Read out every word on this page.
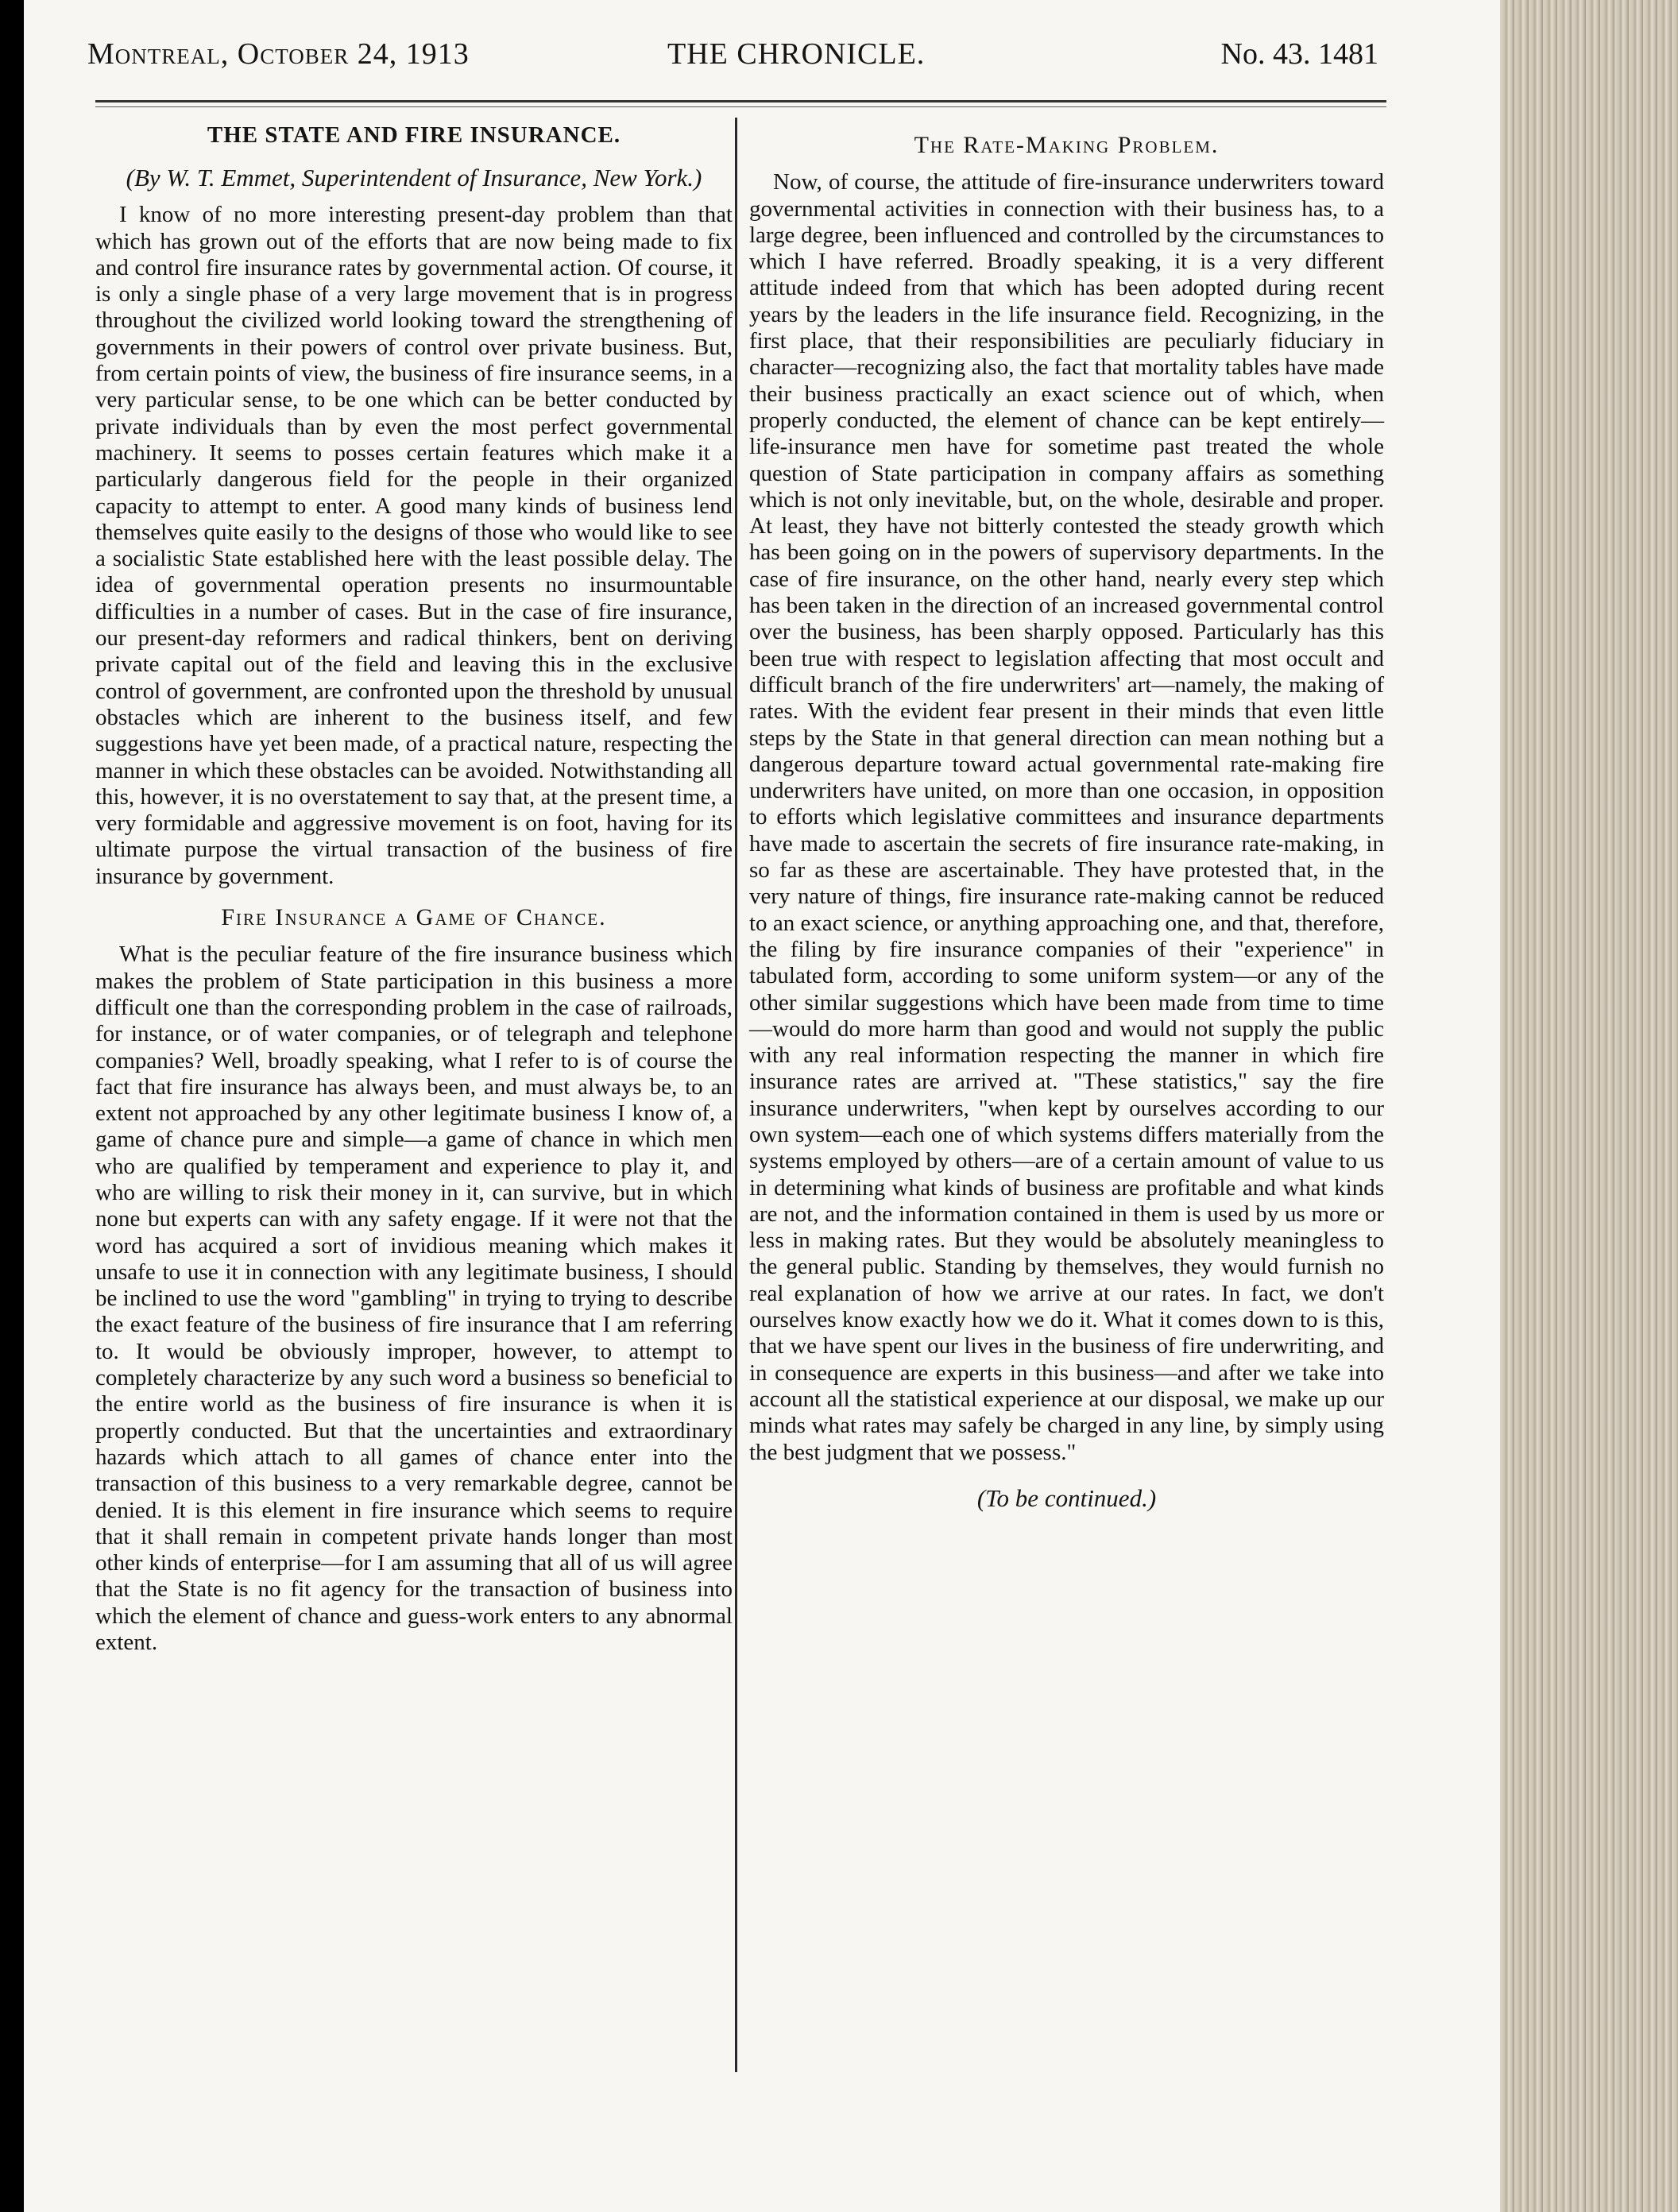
Montreal, October 24, 1913	THE CHRONICLE.	No. 43. 1481
THE STATE AND FIRE INSURANCE.
(By W. T. Emmet, Superintendent of Insurance, New York.)

I know of no more interesting present-day problem than that which has grown out of the efforts that are now being made to fix and control fire insurance rates by governmental action. Of course, it is only a single phase of a very large movement that is in progress throughout the civilized world looking toward the strengthening of governments in their powers of control over private business. But, from certain points of view, the business of fire insurance seems, in a very particular sense, to be one which can be better conducted by private individuals than by even the most perfect governmental machinery. It seems to posses certain features which make it a particularly dangerous field for the people in their organized capacity to attempt to enter. A good many kinds of business lend themselves quite easily to the designs of those who would like to see a socialistic State established here with the least possible delay. The idea of governmental operation presents no insurmountable difficulties in a number of cases. But in the case of fire insurance, our present-day reformers and radical thinkers, bent on deriving private capital out of the field and leaving this in the exclusive control of government, are confronted upon the threshold by unusual obstacles which are inherent to the business itself, and few suggestions have yet been made, of a practical nature, respecting the manner in which these obstacles can be avoided. Notwithstanding all this, however, it is no overstatement to say that, at the present time, a very formidable and aggressive movement is on foot, having for its ultimate purpose the virtual transaction of the business of fire insurance by government.

Fire Insurance a Game of Chance.

What is the peculiar feature of the fire insurance business which makes the problem of State participation in this business a more difficult one than the corresponding problem in the case of railroads, for instance, or of water companies, or of telegraph and telephone companies? Well, broadly speaking, what I refer to is of course the fact that fire insurance has always been, and must always be, to an extent not approached by any other legitimate business I know of, a game of chance pure and simple—a game of chance in which men who are qualified by temperament and experience to play it, and who are willing to risk their money in it, can survive, but in which none but experts can with any safety engage. If it were not that the word has acquired a sort of invidious meaning which makes it unsafe to use it in connection with any legitimate business, I should be inclined to use the word "gambling" in trying to trying to describe the exact feature of the business of fire insurance that I am referring to. It would be obviously improper, however, to attempt to completely characterize by any such word a business so beneficial to the entire world as the business of fire insurance is when it is propertly conducted. But that the uncertainties and extraordinary hazards which attach to all games of chance enter into the transaction of this business to a very remarkable degree, cannot be denied. It is this element in fire insurance which seems to require that it shall remain in competent private hands longer than most other kinds of enterprise—for I am assuming that all of us will agree that the State is no fit agency for the transaction of business into which the element of chance and guess-work enters to any abnormal extent.

The Rate-Making Problem.

Now, of course, the attitude of fire-insurance underwriters toward governmental activities in connection with their business has, to a large degree, been influenced and controlled by the circumstances to which I have referred. Broadly speaking, it is a very different attitude indeed from that which has been adopted during recent years by the leaders in the life insurance field. Recognizing, in the first place, that their responsibilities are peculiarly fiduciary in character—recognizing also, the fact that mortality tables have made their business practically an exact science out of which, when properly conducted, the element of chance can be kept entirely—life-insurance men have for sometime past treated the whole question of State participation in company affairs as something which is not only inevitable, but, on the whole, desirable and proper. At least, they have not bitterly contested the steady growth which has been going on in the powers of supervisory departments. In the case of fire insurance, on the other hand, nearly every step which has been taken in the direction of an increased governmental control over the business, has been sharply opposed. Particularly has this been true with respect to legislation affecting that most occult and difficult branch of the fire underwriters' art—namely, the making of rates. With the evident fear present in their minds that even little steps by the State in that general direction can mean nothing but a dangerous departure toward actual governmental rate-making fire underwriters have united, on more than one occasion, in opposition to efforts which legislative committees and insurance departments have made to ascertain the secrets of fire insurance rate-making, in so far as these are ascertainable. They have protested that, in the very nature of things, fire insurance rate-making cannot be reduced to an exact science, or anything approaching one, and that, therefore, the filing by fire insurance companies of their "experience" in tabulated form, according to some uniform system—or any of the other similar suggestions which have been made from time to time—would do more harm than good and would not supply the public with any real information respecting the manner in which fire insurance rates are arrived at. "These statistics," say the fire insurance underwriters, "when kept by ourselves according to our own system—each one of which systems differs materially from the systems employed by others—are of a certain amount of value to us in determining what kinds of business are profitable and what kinds are not, and the information contained in them is used by us more or less in making rates. But they would be absolutely meaningless to the general public. Standing by themselves, they would furnish no real explanation of how we arrive at our rates. In fact, we don't ourselves know exactly how we do it. What it comes down to is this, that we have spent our lives in the business of fire underwriting, and in consequence are experts in this business—and after we take into account all the statistical experience at our disposal, we make up our minds what rates may safely be charged in any line, by simply using the best judgment that we possess."

(To be continued.)
